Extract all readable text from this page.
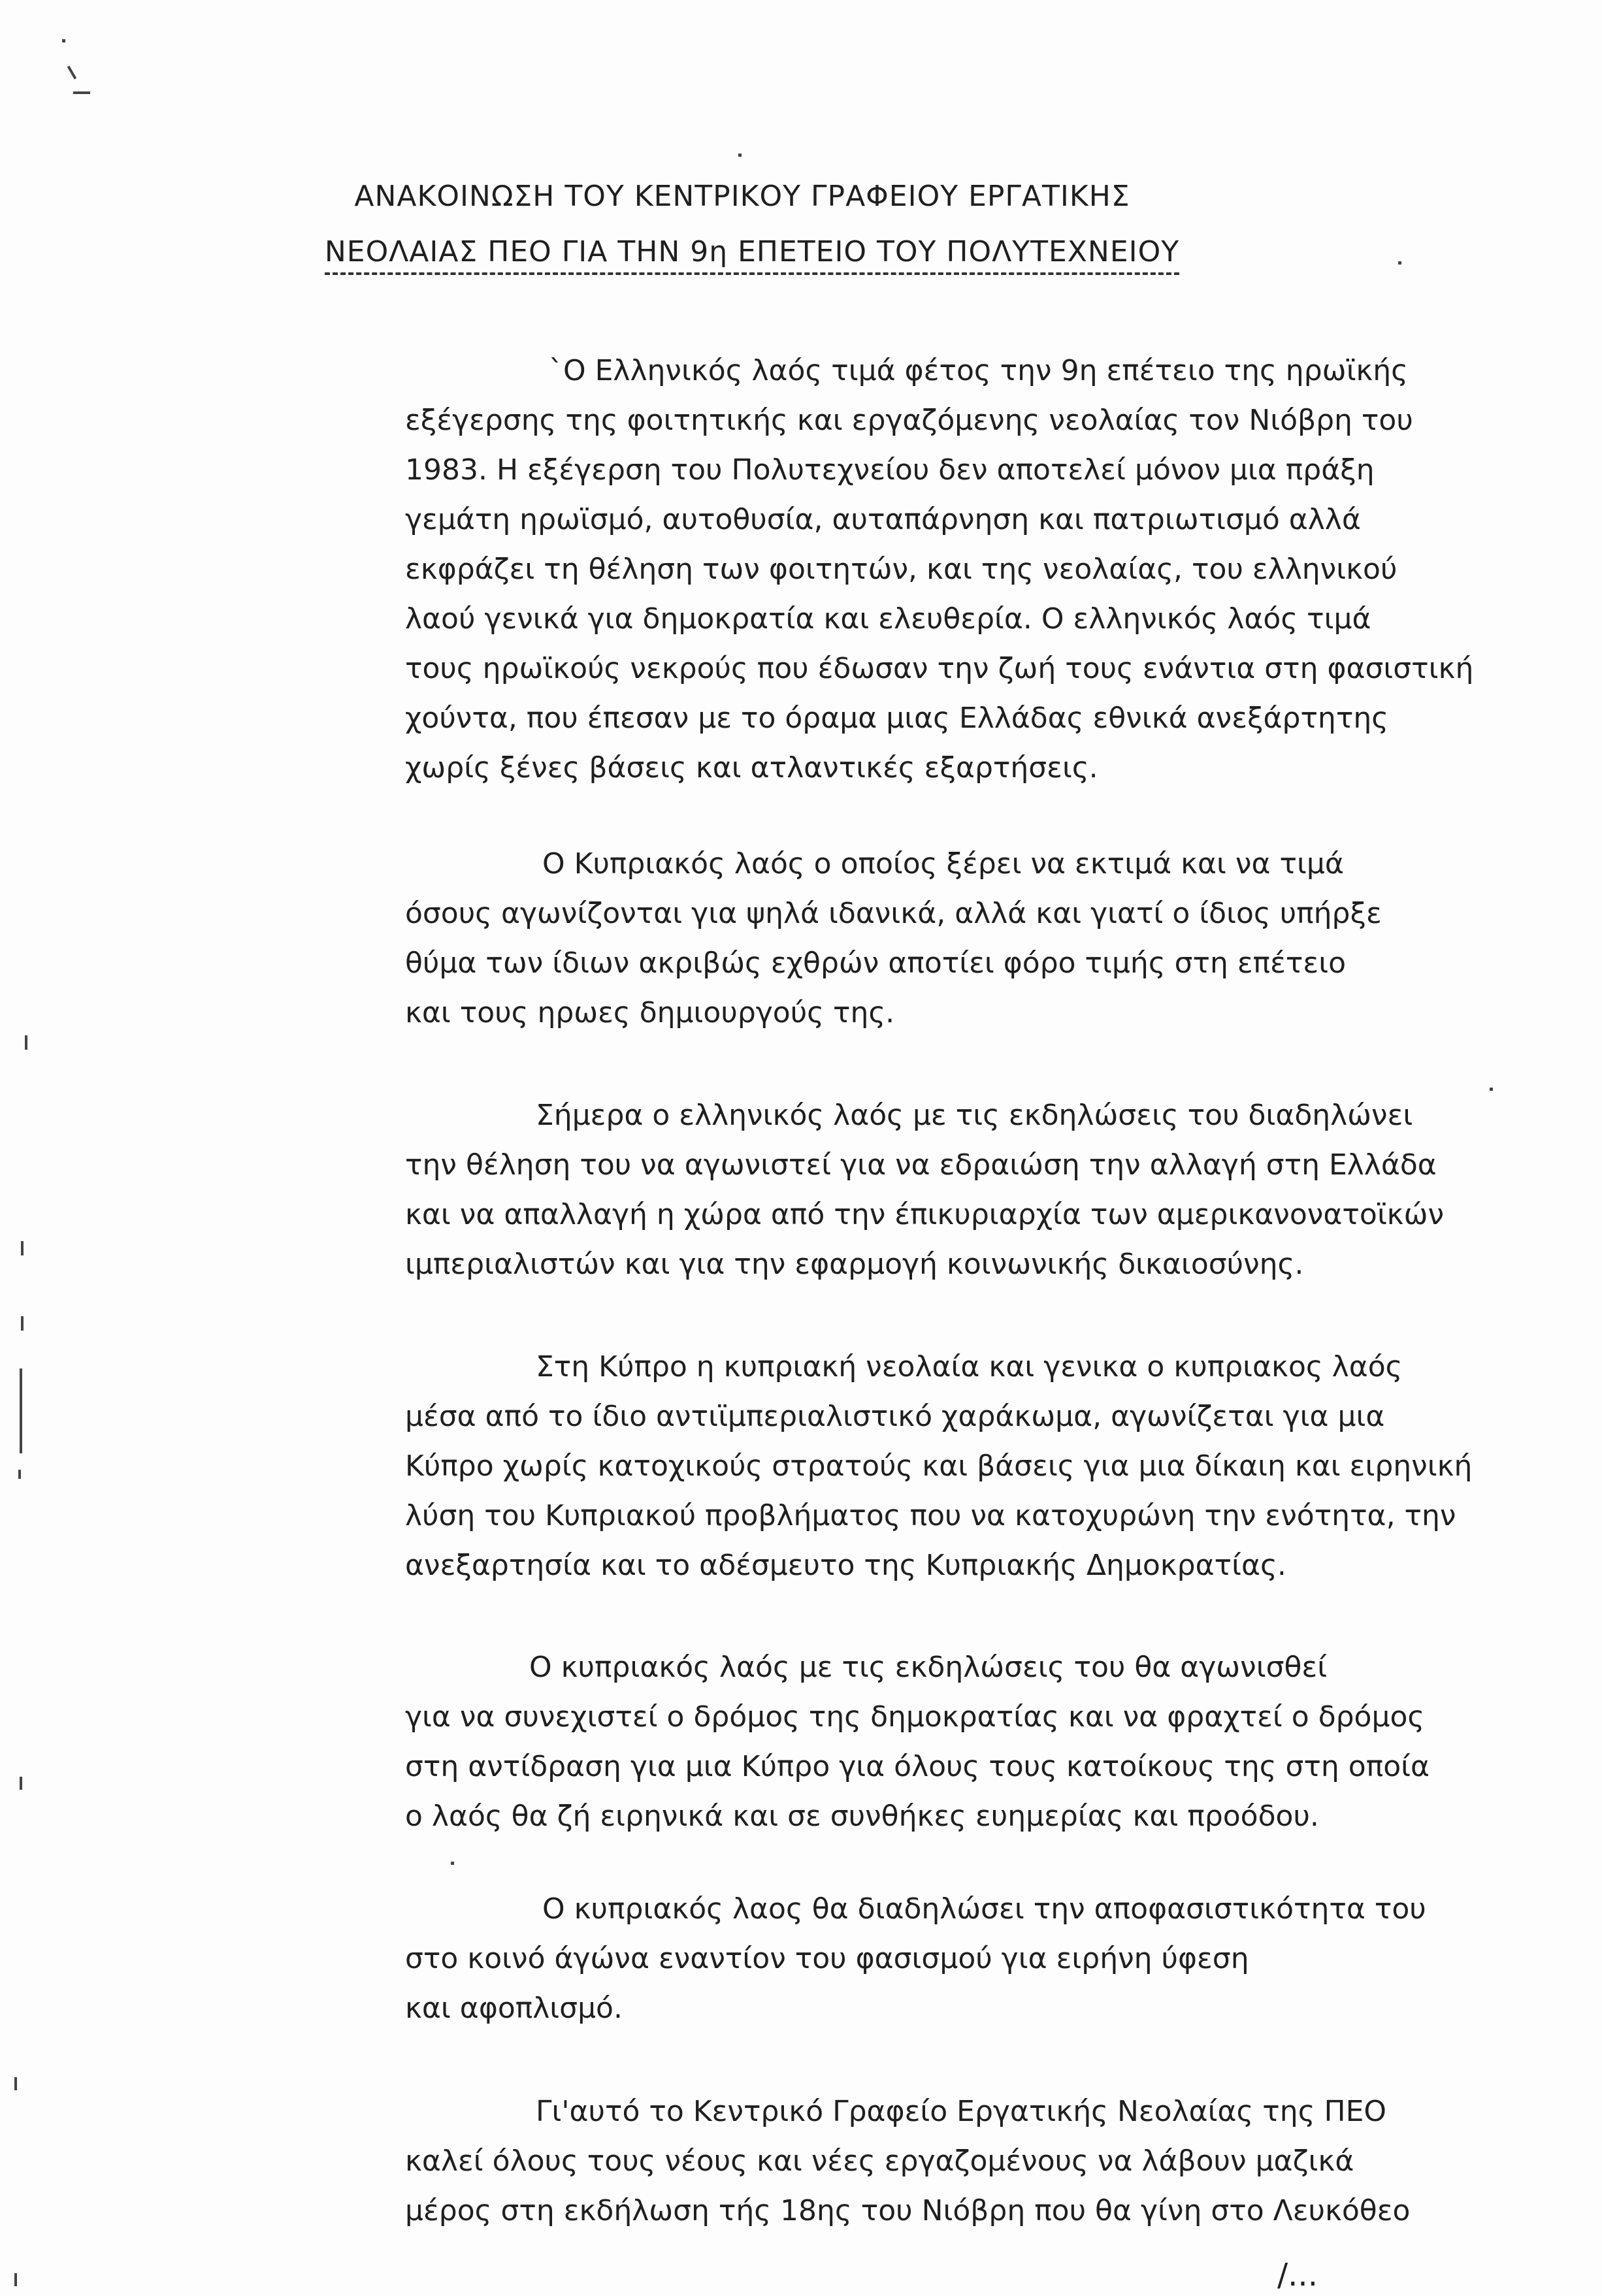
ΑΝΑΚΟΙΝΩΣΗ ΤΟΥ ΚΕΝΤΡΙΚΟΥ ΓΡΑΦΕΙΟΥ ΕΡΓΑΤΙΚΗΣ
ΝΕΟΛΑΙΑΣ ΠΕΟ ΓΙΑ ΤΗΝ 9η ΕΠΕΤΕΙΟ ΤΟΥ ΠΟΛΥΤΕΧΝΕΙΟΥ
`Ο Ελληνικός λαός τιμά φέτος την 9η επέτειο της ηρωϊκής
εξέγερσης της φοιτητικής και εργαζόμενης νεολαίας τον Νιόβρη του
1983. Η εξέγερση του Πολυτεχνείου δεν αποτελεί μόνον μια πράξη
γεμάτη ηρωϊσμό, αυτοθυσία, αυταπάρνηση και πατριωτισμό αλλά
εκφράζει τη θέληση των φοιτητών, και της νεολαίας, του ελληνικού
λαού γενικά για δημοκρατία και ελευθερία. Ο ελληνικός λαός τιμά
τους ηρωϊκούς νεκρούς που έδωσαν την ζωή τους ενάντια στη φασιστική
χούντα, που έπεσαν με το όραμα μιας Ελλάδας εθνικά ανεξάρτητης
χωρίς ξένες βάσεις και ατλαντικές εξαρτήσεις.
Ο Κυπριακός λαός ο οποίος ξέρει να εκτιμά και να τιμά
όσους αγωνίζονται για ψηλά ιδανικά, αλλά και γιατί ο ίδιος υπήρξε
θύμα των ίδιων ακριβώς εχθρών αποτίει φόρο τιμής στη επέτειο
και τους ηρωες δημιουργούς της.
Σήμερα ο ελληνικός λαός με τις εκδηλώσεις του διαδηλώνει
την θέληση του να αγωνιστεί για να εδραιώση την αλλαγή στη Ελλάδα
και να απαλλαγή η χώρα από την έπικυριαρχία των αμερικανονατοϊκών
ιμπεριαλιστών και για την εφαρμογή κοινωνικής δικαιοσύνης.
Στη Κύπρο η κυπριακή νεολαία και γενικα ο κυπριακος λαός
μέσα από το ίδιο αντιϊμπεριαλιστικό χαράκωμα, αγωνίζεται για μια
Κύπρο χωρίς κατοχικούς στρατούς και βάσεις για μια δίκαιη και ειρηνική
λύση του Κυπριακού προβλήματος που να κατοχυρώνη την ενότητα, την
ανεξαρτησία και το αδέσμευτο της Κυπριακής Δημοκρατίας.
Ο κυπριακός λαός με τις εκδηλώσεις του θα αγωνισθεί
για να συνεχιστεί ο δρόμος της δημοκρατίας και να φραχτεί ο δρόμος
στη αντίδραση για μια Κύπρο για όλους τους κατοίκους της στη οποία
ο λαός θα ζή ειρηνικά και σε συνθήκες ευημερίας και προόδου.
Ο κυπριακός λαος θα διαδηλώσει την αποφασιστικότητα του
στο κοινό άγώνα εναντίον του φασισμού για ειρήνη ύφεση
και αφοπλισμό.
Γι'αυτό το Κεντρικό Γραφείο Εργατικής Νεολαίας της ΠΕΟ
καλεί όλους τους νέους και νέες εργαζομένους να λάβουν μαζικά
μέρος στη εκδήλωση τής 18ης του Νιόβρη που θα γίνη στο Λευκόθεο
/...
